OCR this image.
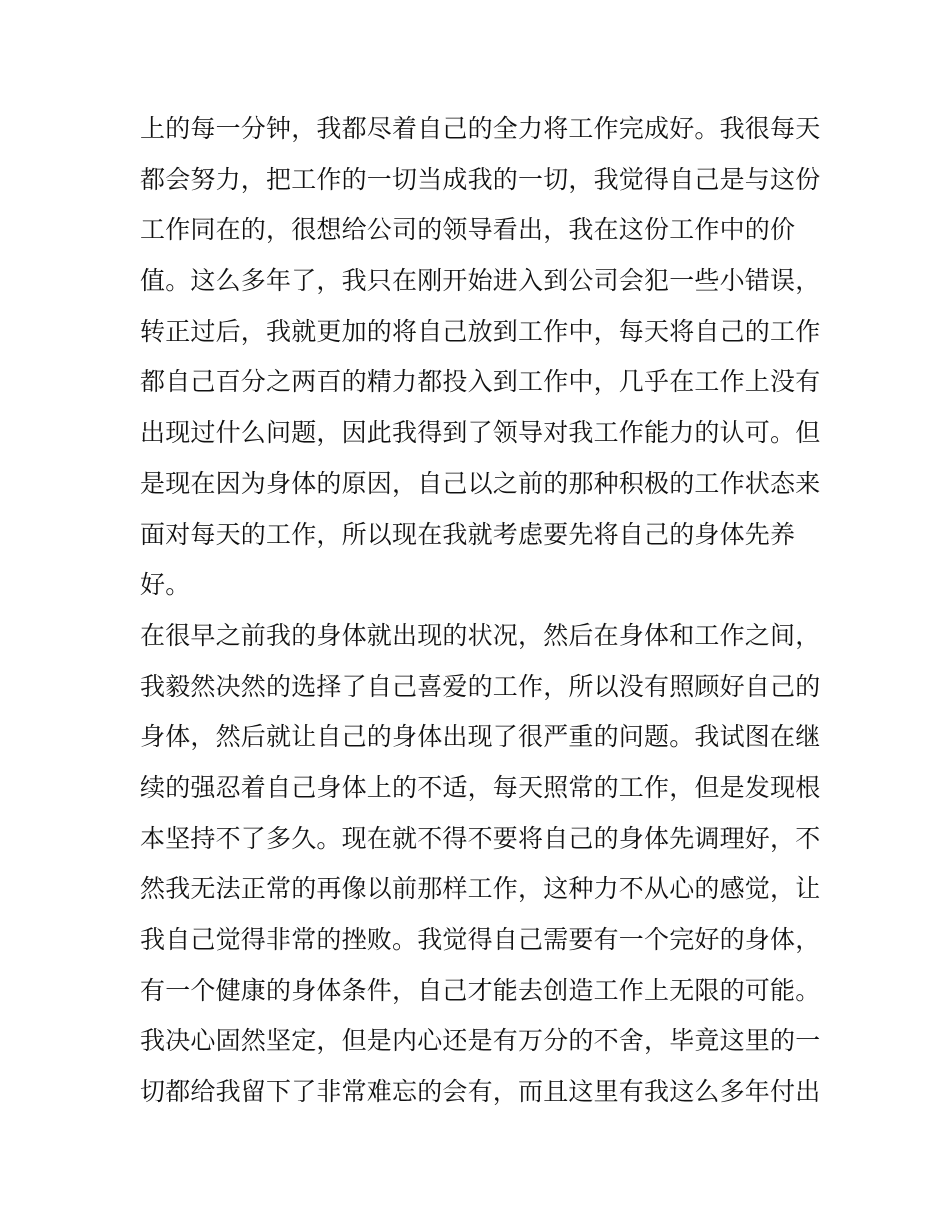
上的每一分钟，我都尽着自己的全力将工作完成好。我很每天
都会努力，把工作的一切当成我的一切，我觉得自己是与这份
工作同在的，很想给公司的领导看出，我在这份工作中的价
值。这么多年了，我只在刚开始进入到公司会犯一些小错误，
转正过后，我就更加的将自己放到工作中，每天将自己的工作
都自己百分之两百的精力都投入到工作中，几乎在工作上没有
出现过什么问题，因此我得到了领导对我工作能力的认可。但
是现在因为身体的原因，自己以之前的那种积极的工作状态来
面对每天的工作，所以现在我就考虑要先将自己的身体先养
好。
在很早之前我的身体就出现的状况，然后在身体和工作之间，
我毅然决然的选择了自己喜爱的工作，所以没有照顾好自己的
身体，然后就让自己的身体出现了很严重的问题。我试图在继
续的强忍着自己身体上的不适，每天照常的工作，但是发现根
本坚持不了多久。现在就不得不要将自己的身体先调理好，不
然我无法正常的再像以前那样工作，这种力不从心的感觉，让
我自己觉得非常的挫败。我觉得自己需要有一个完好的身体，
有一个健康的身体条件，自己才能去创造工作上无限的可能。
我决心固然坚定，但是内心还是有万分的不舍，毕竟这里的一
切都给我留下了非常难忘的会有，而且这里有我这么多年付出
